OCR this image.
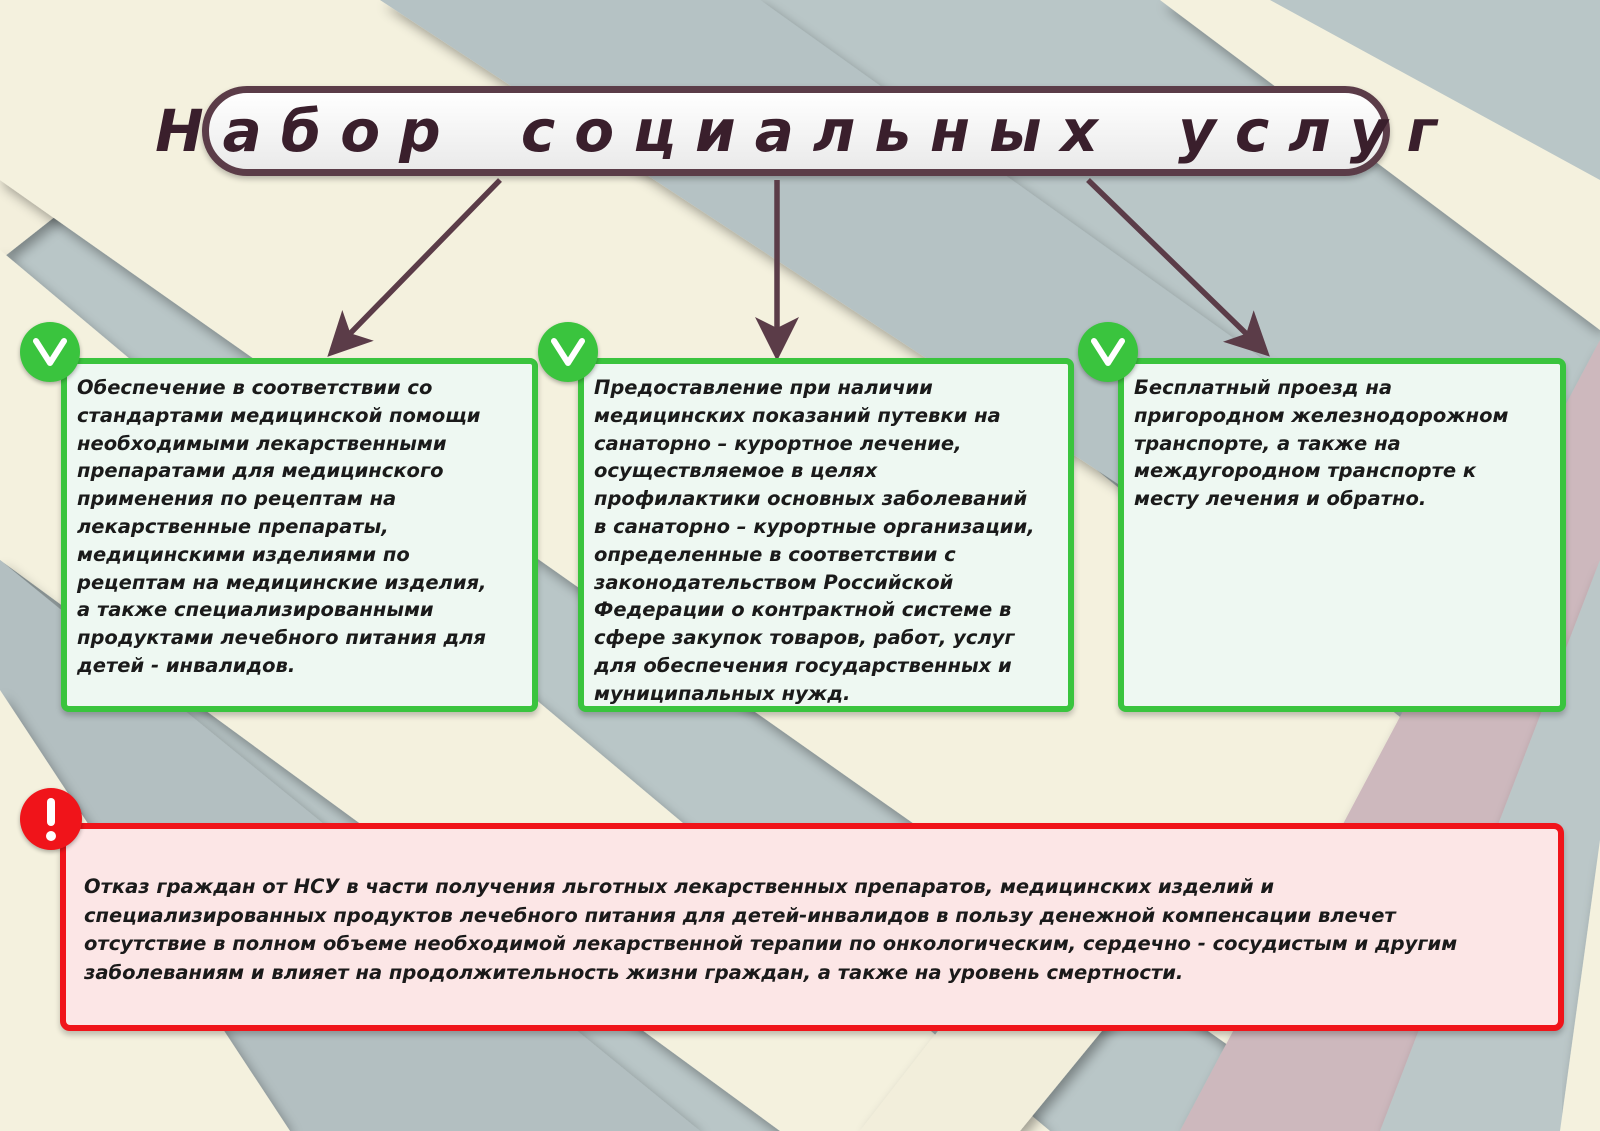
Набор социальных услуг

Обеспечение в соответствии со
стандартами медицинской помощи
необходимыми лекарственными
препаратами для медицинского
применения по рецептам на
лекарственные препараты,
медицинскими изделиями по
рецептам на медицинские изделия,
а также специализированными
продуктами лечебного питания для
детей - инвалидов.

Предоставление при наличии
медицинских показаний путевки на
санаторно – курортное лечение,
осуществляемое в целях
профилактики основных заболеваний
в санаторно – курортные организации,
определенные в соответствии с
законодательством Российской
Федерации о контрактной системе в
сфере закупок товаров, работ, услуг
для обеспечения государственных и
муниципальных нужд.

Бесплатный проезд на
пригородном железнодорожном
транспорте, а также на
междугородном транспорте к
месту лечения и обратно.

Отказ граждан от НСУ в части получения льготных лекарственных препаратов, медицинских изделий и
специализированных продуктов лечебного питания для детей-инвалидов в пользу денежной компенсации влечет
отсутствие в полном объеме необходимой лекарственной терапии по онкологическим, сердечно - сосудистым и другим
заболеваниям и влияет на продолжительность жизни граждан, а также на уровень смертности.
